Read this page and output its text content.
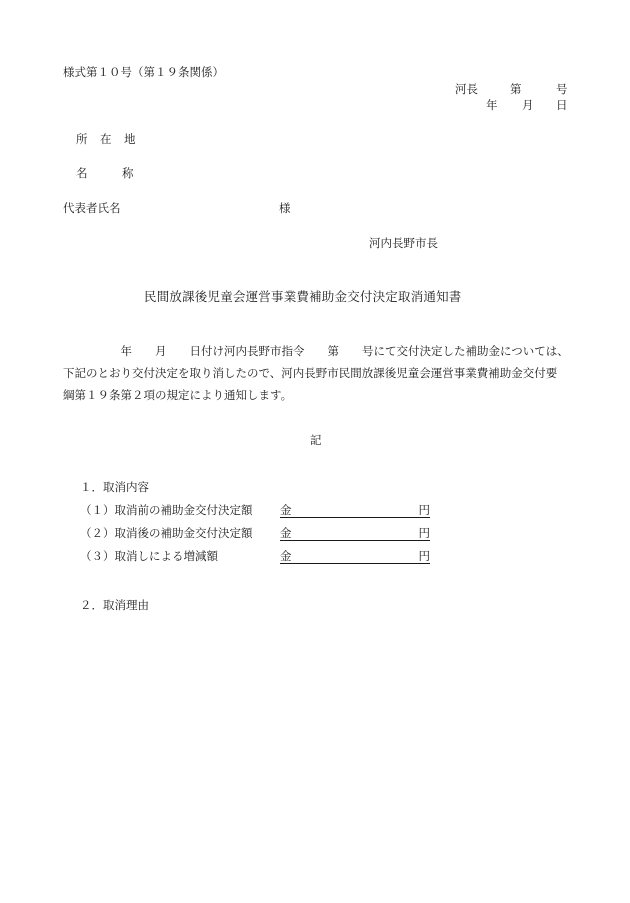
様式第１０号（第１９条関係）
河長	第	号
年 月 日
所　在　地
名　　　称
代表者氏名	様
河内長野市長
民間放課後児童会運営事業費補助金交付決定取消通知書
　　　　　年　　月　　日付け河内長野市指令　　第　　号にて交付決定した補助金については、
下記のとおり交付決定を取り消したので、河内長野市民間放課後児童会運営事業費補助金交付要
綱第１９条第２項の規定により通知します。
記
１．取消内容
（１）取消前の補助金交付決定額 金	円
（２）取消後の補助金交付決定額 金	円
（３）取消しによる増減額	金	円
２．取消理由
